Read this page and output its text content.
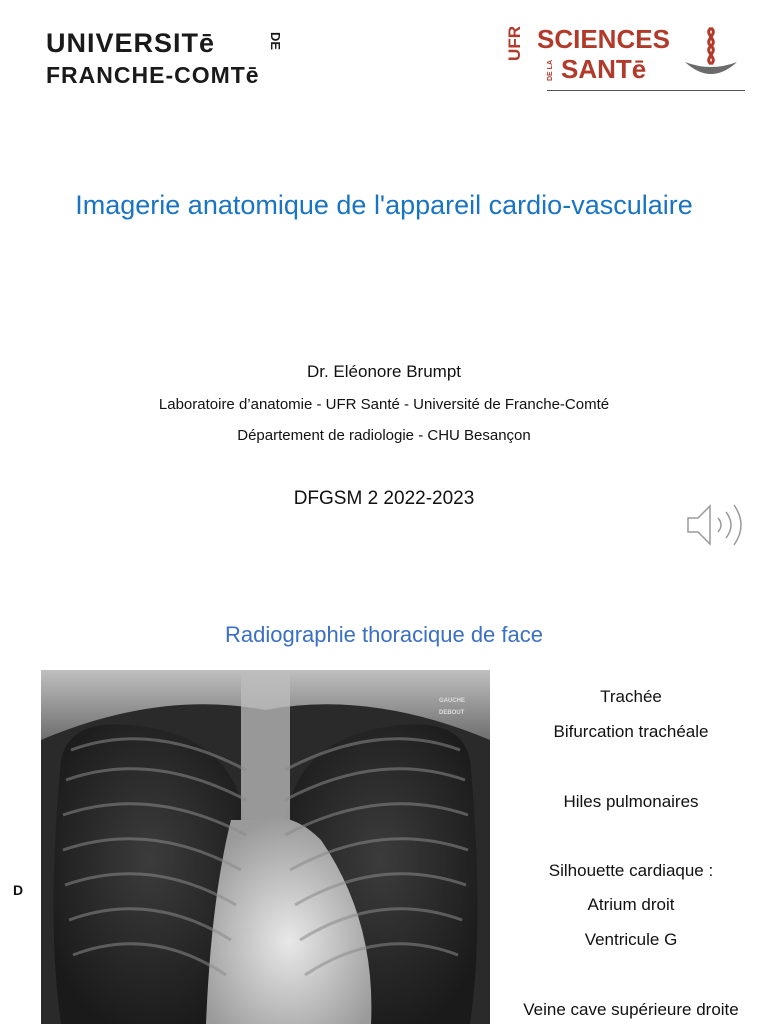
UNIVERSITē	DE
FRANCHE-COMTē
UFR SCIENCES
DE LA SANTē
Imagerie anatomique de l'appareil cardio-vasculaire
Dr. Eléonore Brumpt
Laboratoire d’anatomie - UFR Santé - Université de Franche-Comté
Département de radiologie - CHU Besançon
DFGSM 2 2022-2023
Radiographie thoracique de face
GAUCHE
DEBOUT
D
Trachée
Bifurcation trachéale
Hiles pulmonaires
Silhouette cardiaque :
Atrium droit
Ventricule G
Veine cave supérieure droite
